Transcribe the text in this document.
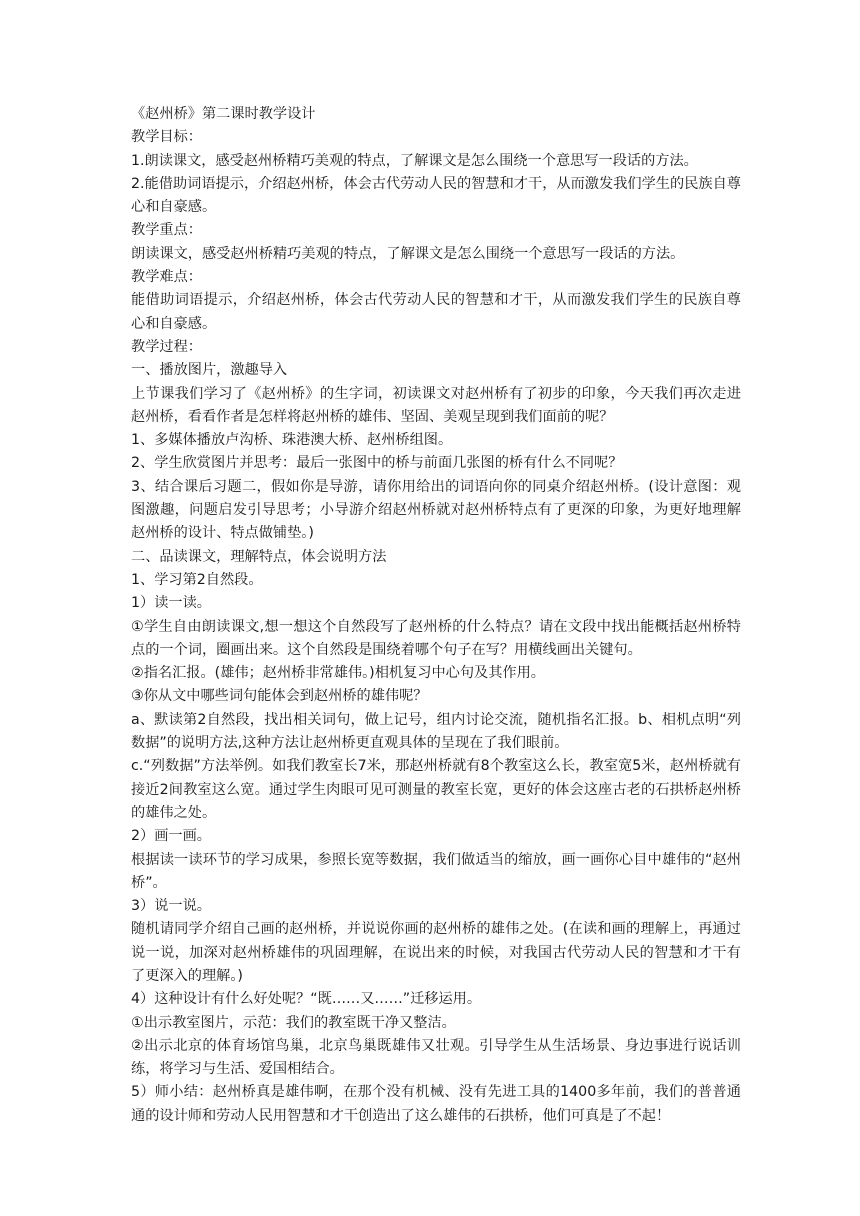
《赵州桥》第二课时教学设计
教学目标：
1.朗读课文，感受赵州桥精巧美观的特点，了解课文是怎么围绕一个意思写一段话的方法。
2.能借助词语提示，介绍赵州桥，体会古代劳动人民的智慧和才干，从而激发我们学生的民族自尊心和自豪感。
教学重点：
朗读课文，感受赵州桥精巧美观的特点，了解课文是怎么围绕一个意思写一段话的方法。
教学难点：
能借助词语提示，介绍赵州桥，体会古代劳动人民的智慧和才干，从而激发我们学生的民族自尊心和自豪感。
教学过程：
一、播放图片，激趣导入
上节课我们学习了《赵州桥》的生字词，初读课文对赵州桥有了初步的印象，今天我们再次走进赵州桥，看看作者是怎样将赵州桥的雄伟、坚固、美观呈现到我们面前的呢？
1、多媒体播放卢沟桥、珠港澳大桥、赵州桥组图。
2、学生欣赏图片并思考：最后一张图中的桥与前面几张图的桥有什么不同呢？
3、结合课后习题二，假如你是导游，请你用给出的词语向你的同桌介绍赵州桥。(设计意图：观图激趣，问题启发引导思考；小导游介绍赵州桥就对赵州桥特点有了更深的印象，为更好地理解赵州桥的设计、特点做铺垫。)
二、品读课文，理解特点，体会说明方法
1、学习第2自然段。
1）读一读。
①学生自由朗读课文,想一想这个自然段写了赵州桥的什么特点？请在文段中找出能概括赵州桥特点的一个词，圈画出来。这个自然段是围绕着哪个句子在写？用横线画出关键句。
②指名汇报。(雄伟；赵州桥非常雄伟。)相机复习中心句及其作用。
③你从文中哪些词句能体会到赵州桥的雄伟呢？
a、默读第2自然段，找出相关词句，做上记号，组内讨论交流，随机指名汇报。b、相机点明“列数据”的说明方法,这种方法让赵州桥更直观具体的呈现在了我们眼前。
c.“列数据”方法举例。如我们教室长7米，那赵州桥就有8个教室这么长，教室宽5米，赵州桥就有接近2间教室这么宽。通过学生肉眼可见可测量的教室长宽，更好的体会这座古老的石拱桥赵州桥的雄伟之处。
2）画一画。
根据读一读环节的学习成果，参照长宽等数据，我们做适当的缩放，画一画你心目中雄伟的“赵州桥”。
3）说一说。
随机请同学介绍自己画的赵州桥，并说说你画的赵州桥的雄伟之处。(在读和画的理解上，再通过说一说，加深对赵州桥雄伟的巩固理解，在说出来的时候，对我国古代劳动人民的智慧和才干有了更深入的理解。)
4）这种设计有什么好处呢？“既……又……”迁移运用。
①出示教室图片，示范：我们的教室既干净又整洁。
②出示北京的体育场馆鸟巢，北京鸟巢既雄伟又壮观。引导学生从生活场景、身边事进行说话训练，将学习与生活、爱国相结合。
5）师小结：赵州桥真是雄伟啊，在那个没有机械、没有先进工具的1400多年前，我们的普普通通的设计师和劳动人民用智慧和才干创造出了这么雄伟的石拱桥，他们可真是了不起！
